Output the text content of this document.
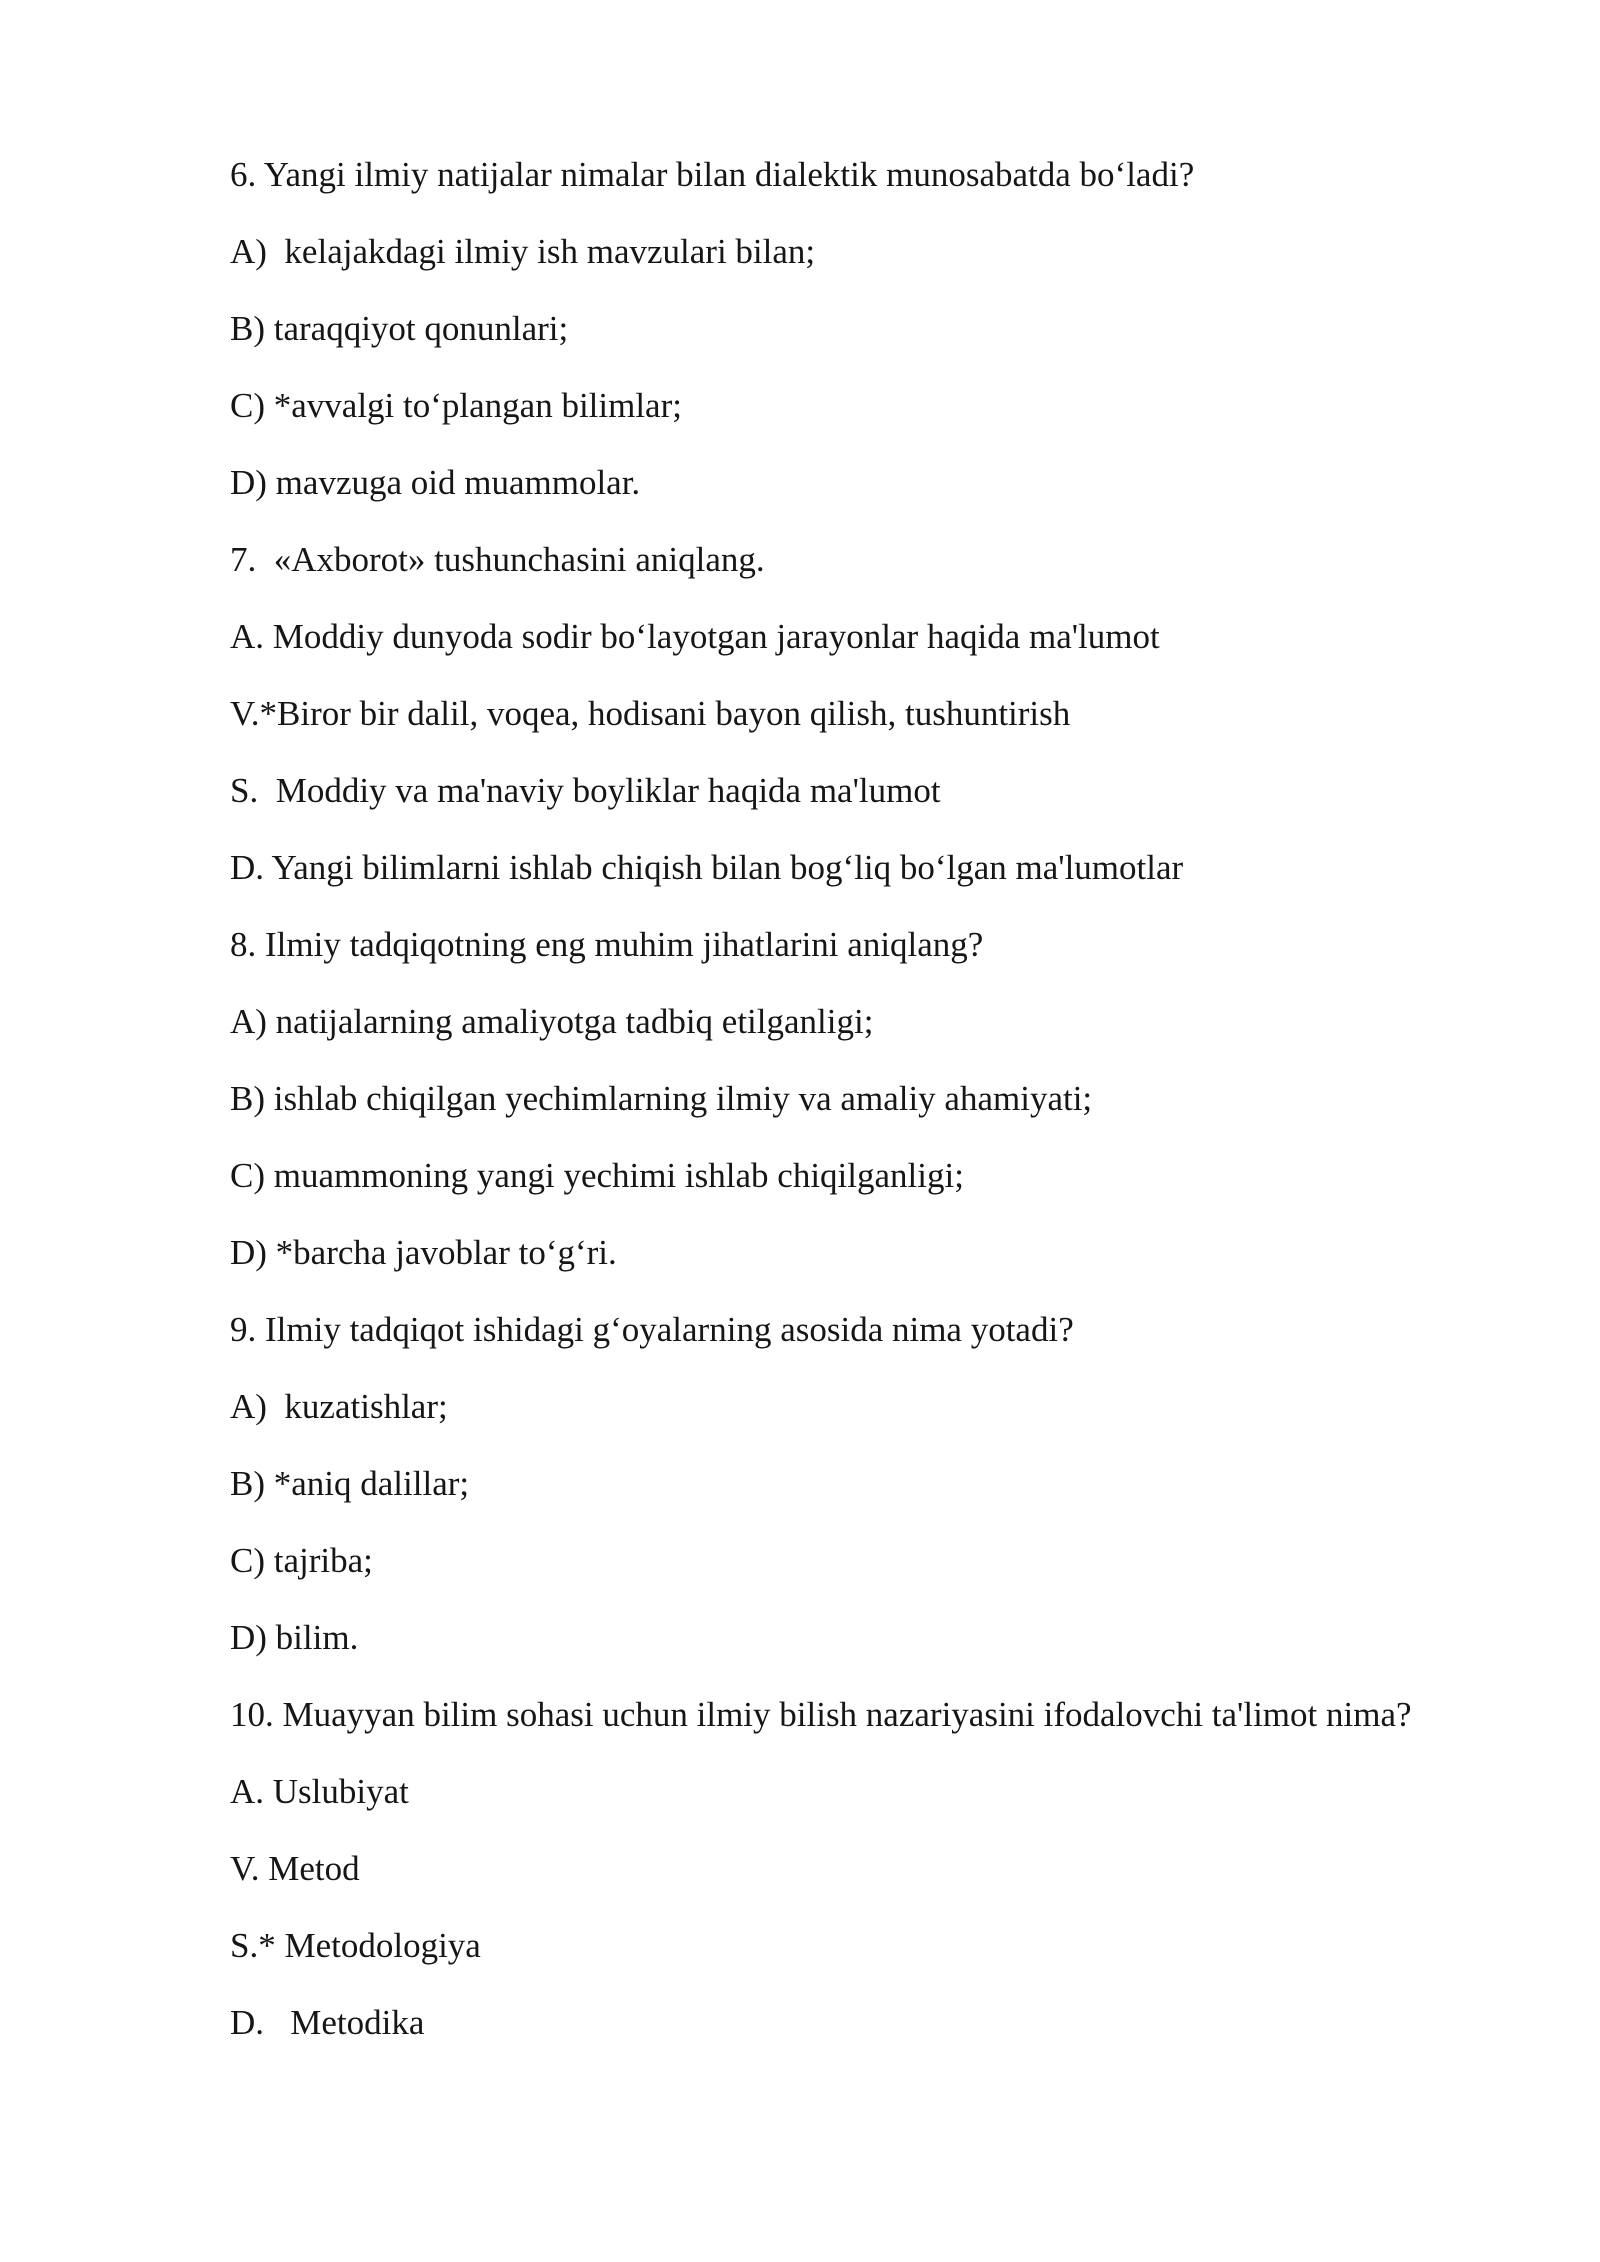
6. Yangi ilmiy natijalar nimalar bilan dialektik munosabatda bo‘ladi?

A)  kelajakdagi ilmiy ish mavzulari bilan;

B) taraqqiyot qonunlari;

C) *avvalgi to‘plangan bilimlar;

D) mavzuga oid muammolar.

7.  «Axborot» tushunchasini aniqlang.

A. Moddiy dunyoda sodir bo‘layotgan jarayonlar haqida ma'lumot

V.*Biror bir dalil, voqea, hodisani bayon qilish, tushuntirish

S.  Moddiy va ma'naviy boyliklar haqida ma'lumot

D. Yangi bilimlarni ishlab chiqish bilan bog‘liq bo‘lgan ma'lumotlar

8. Ilmiy tadqiqotning eng muhim jihatlarini aniqlang?

A) natijalarning amaliyotga tadbiq etilganligi;

B) ishlab chiqilgan yechimlarning ilmiy va amaliy ahamiyati;

C) muammoning yangi yechimi ishlab chiqilganligi;

D) *barcha javoblar to‘g‘ri.

9. Ilmiy tadqiqot ishidagi g‘oyalarning asosida nima yotadi?

A)  kuzatishlar;

B) *aniq dalillar;

C) tajriba;

D) bilim.

10. Muayyan bilim sohasi uchun ilmiy bilish nazariyasini ifodalovchi ta'limot nima?

A. Uslubiyat

V. Metod

S.* Metodologiya

D.   Metodika
